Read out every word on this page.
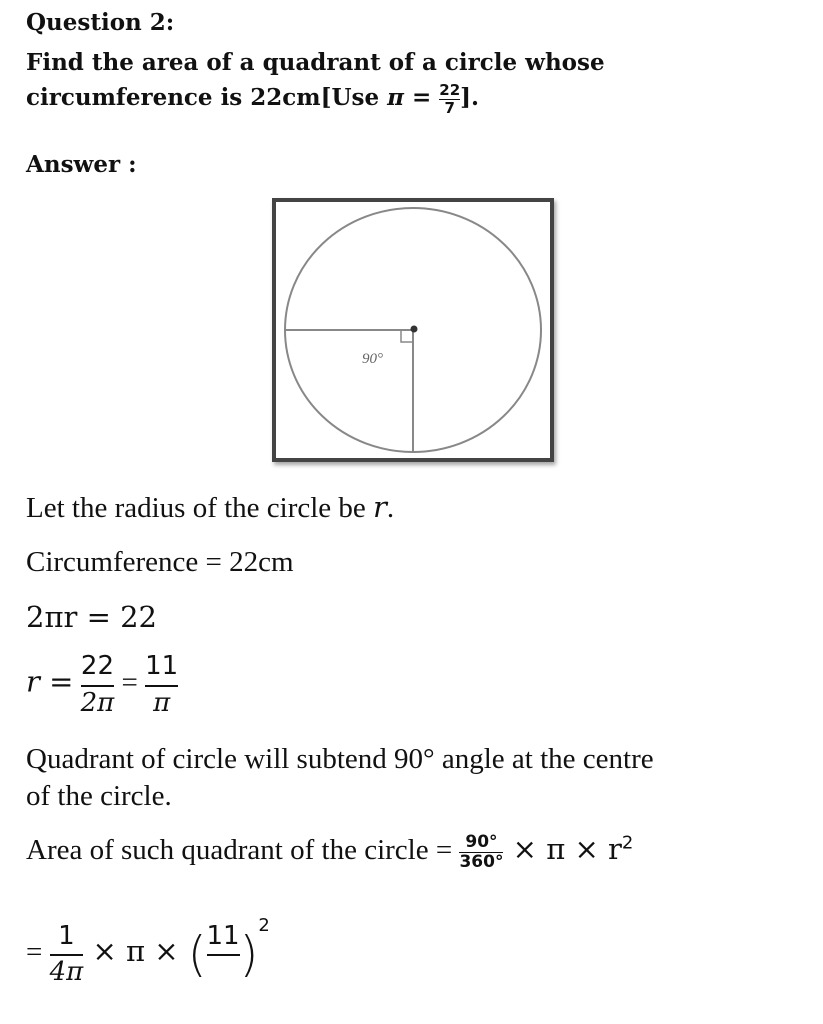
Question 2:
Find the area of a quadrant of a circle whose
circumference is 22cm[Use $\pi = \frac{22}{7}$ ].
Answer :
90°
Let the radius of the circle be r.
Circumference = 22cm
2πr = 22
$r = \frac{22}{2\pi} = \frac{11}{\pi}$
Quadrant of circle will subtend 90° angle at the centre
of the circle.
Area of such quadrant of the circle = $\frac{90^\circ}{360^\circ} \times \pi \times r^2$
= $\frac{1}{4\pi} \times \pi$ × ( 11
)$^2$
